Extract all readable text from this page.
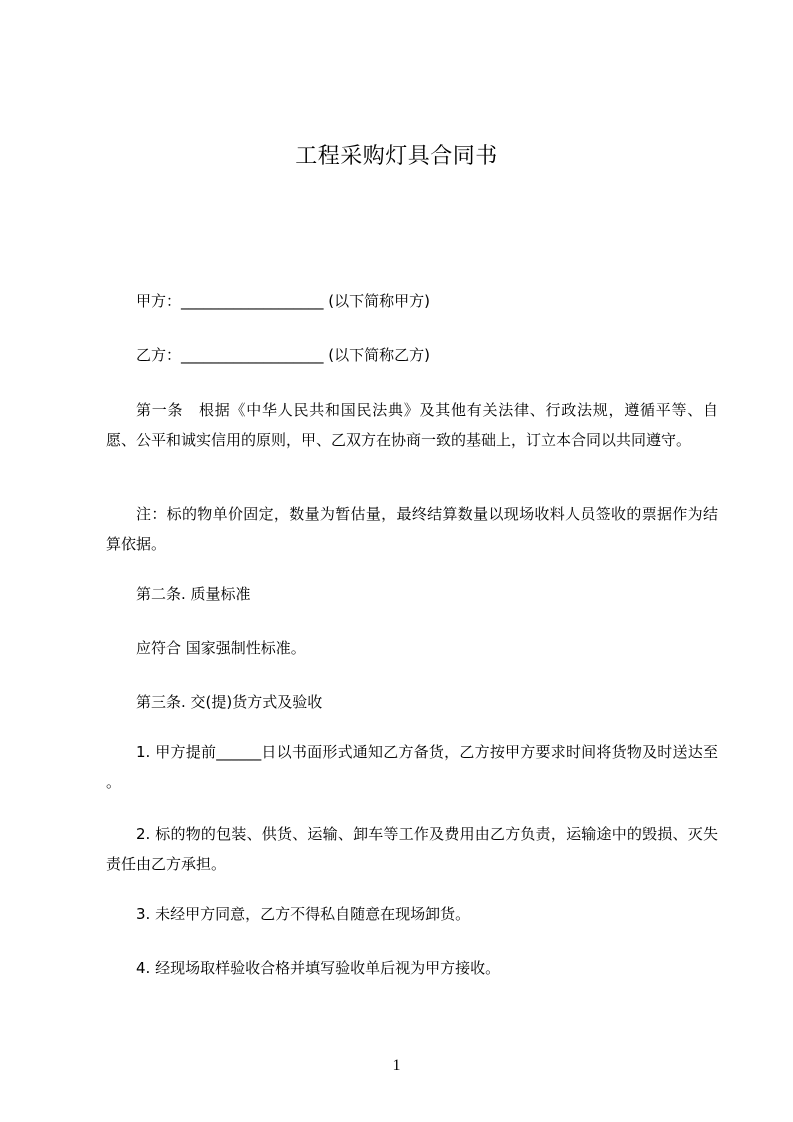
工程采购灯具合同书
甲方：___________________ (以下简称甲方)
乙方：___________________ (以下简称乙方)
第一条　根据《中华人民共和国民法典》及其他有关法律、行政法规，遵循平等、自愿、公平和诚实信用的原则，甲、乙双方在协商一致的基础上，订立本合同以共同遵守。
注：标的物单价固定，数量为暂估量，最终结算数量以现场收料人员签收的票据作为结算依据。
第二条. 质量标准
应符合 国家强制性标准。
第三条. 交(提)货方式及验收
1. 甲方提前______日以书面形式通知乙方备货，乙方按甲方要求时间将货物及时送达至 。
2. 标的物的包装、供货、运输、卸车等工作及费用由乙方负责，运输途中的毁损、灭失责任由乙方承担。
3. 未经甲方同意，乙方不得私自随意在现场卸货。
4. 经现场取样验收合格并填写验收单后视为甲方接收。
1
